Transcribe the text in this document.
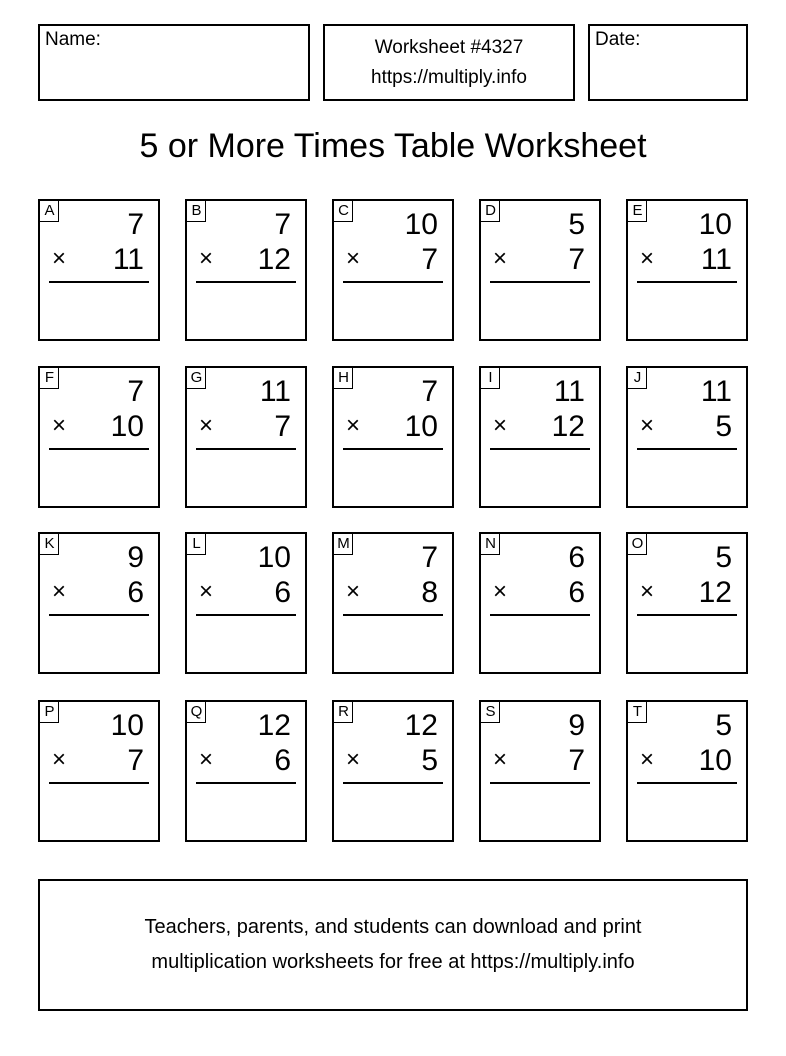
Name:	Worksheet #4327
https://multiply.info
Date:
5 or More Times Table Worksheet
A 7
× 11
B 7
× 12
C 10
× 7
D 5
× 7
E 10
× 11
F 7
× 10
G 11
× 7
H 7
× 10
I 11
× 12
J 11
× 5
K 9
× 6
L 10
× 6
M 7
× 8
N 6
× 6
O 5
× 12
P 10
× 7
Q 12
× 6
R 12
× 5
S 9
× 7
T 5
× 10
Teachers, parents, and students can download and print
multiplication worksheets for free at https://multiply.info
